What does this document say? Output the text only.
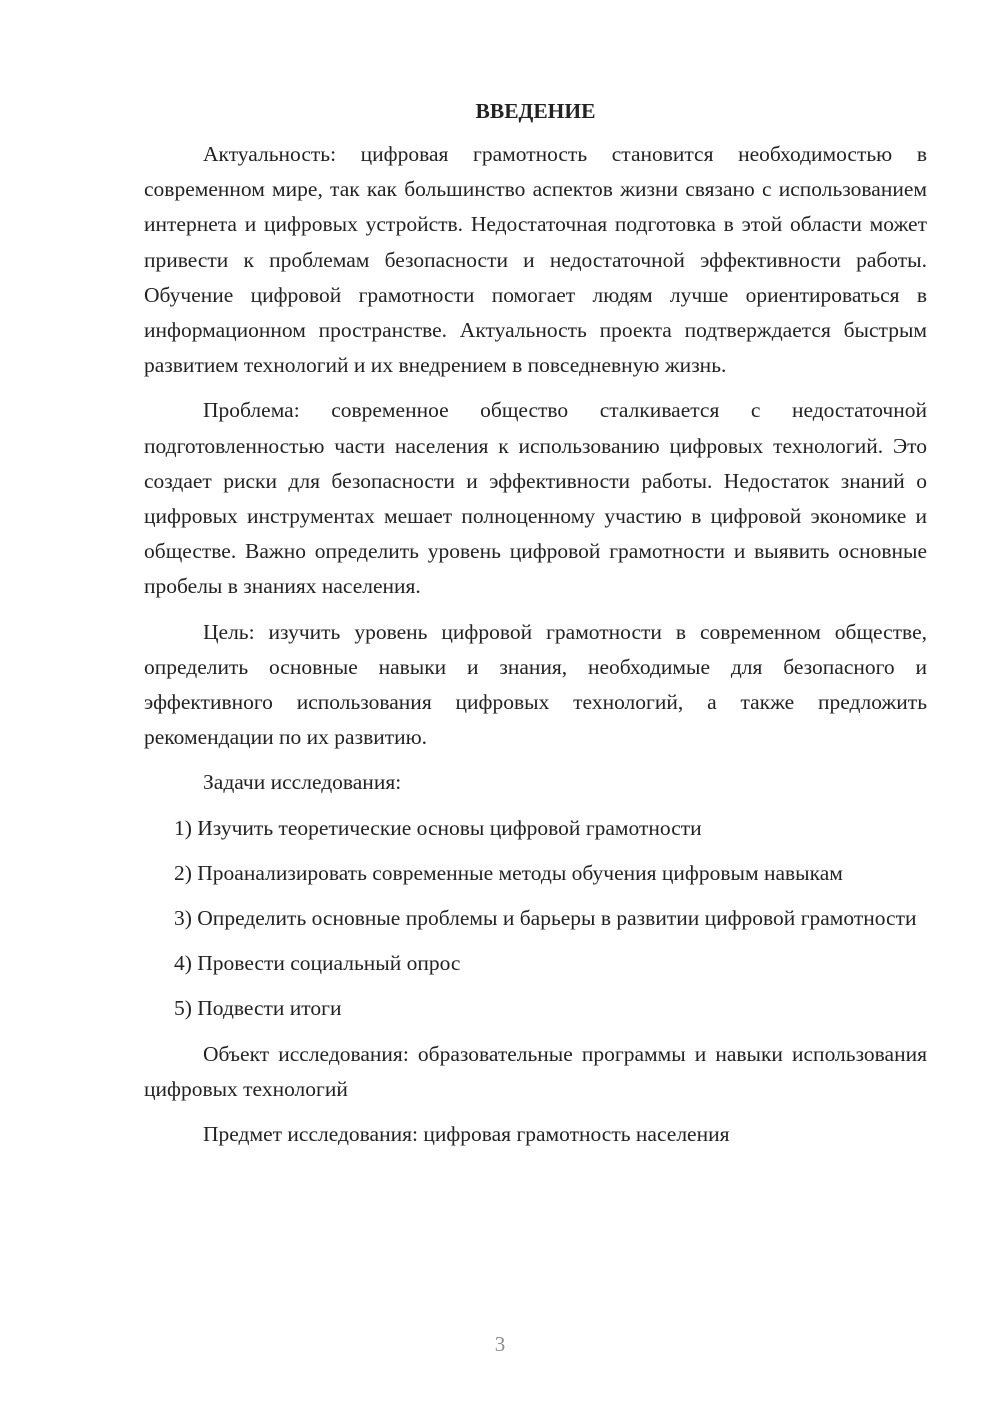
ВВЕДЕНИЕ

Актуальность: цифровая грамотность становится необходимостью в современном мире, так как большинство аспектов жизни связано с использованием интернета и цифровых устройств. Недостаточная подготовка в этой области может привести к проблемам безопасности и недостаточной эффективности работы. Обучение цифровой грамотности помогает людям лучше ориентироваться в информационном пространстве. Актуальность проекта подтверждается быстрым развитием технологий и их внедрением в повседневную жизнь.

Проблема: современное общество сталкивается с недостаточной подготовленностью части населения к использованию цифровых технологий. Это создает риски для безопасности и эффективности работы. Недостаток знаний о цифровых инструментах мешает полноценному участию в цифровой экономике и обществе. Важно определить уровень цифровой грамотности и выявить основные пробелы в знаниях населения.

Цель: изучить уровень цифровой грамотности в современном обществе, определить основные навыки и знания, необходимые для безопасного и эффективного использования цифровых технологий, а также предложить рекомендации по их развитию.

Задачи исследования:

1) Изучить теоретические основы цифровой грамотности

2) Проанализировать современные методы обучения цифровым навыкам

3) Определить основные проблемы и барьеры в развитии цифровой грамотности

4) Провести социальный опрос

5) Подвести итоги

Объект исследования: образовательные программы и навыки использования цифровых технологий

Предмет исследования: цифровая грамотность населения

3
